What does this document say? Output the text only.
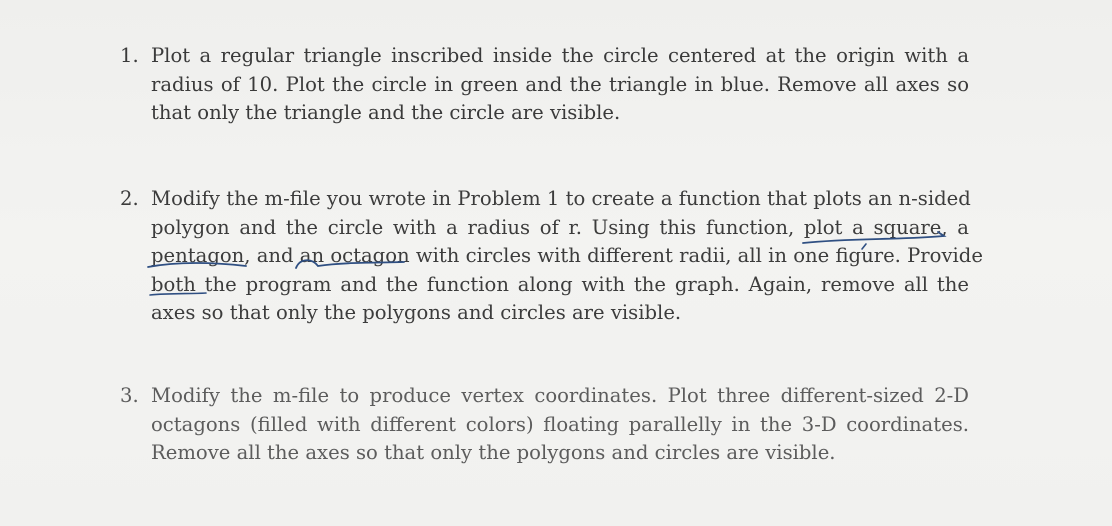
1. Plot a regular triangle inscribed inside the circle centered at the origin with a
radius of 10. Plot the circle in green and the triangle in blue. Remove all axes so
that only the triangle and the circle are visible.
2. Modify the m-file you wrote in Problem 1 to create a function that plots an n-sided
polygon and the circle with a radius of r. Using this function, plot a square, a
pentagon, and an octagon with circles with different radii, all in one figure. Provide
both the program and the function along with the graph. Again, remove all the
axes so that only the polygons and circles are visible.
3. Modify the m-file to produce vertex coordinates. Plot three different-sized 2-D
octagons (filled with different colors) floating parallelly in the 3-D coordinates.
Remove all the axes so that only the polygons and circles are visible.
